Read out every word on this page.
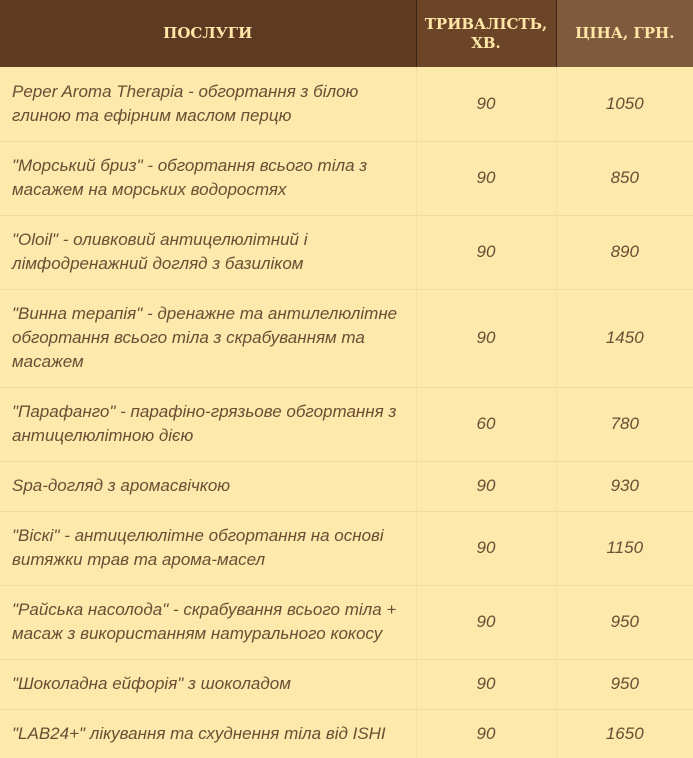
ПОСЛУГИ	ТРИВАЛІСТЬ, ХВ.	ЦІНА, ГРН.
Peper Aroma Therapia - обгортання з білою глиною та ефірним маслом перцю	90	1050
"Морський бриз" - обгортання всього тіла з масажем на морських водоростях	90	850
"Oloil" - оливковий антицелюлітний і лімфодренажний догляд з базиліком	90	890
"Винна терапія" - дренажне та антилелюлітне обгортання всього тіла з скрабуванням та масажем	90	1450
"Парафанго" - парафіно-грязьове обгортання з антицелюлітною дією	60	780
Spa-догляд з аромасвічкою	90	930
"Віскі" - антицелюлітне обгортання на основі витяжки трав та арома-масел	90	1150
"Райська насолода" - скрабування всього тіла + масаж з використанням натурального кокосу	90	950
"Шоколадна ейфорія" з шоколадом	90	950
"LAB24+" лікування та схуднення тіла від ISHI	90	1650
